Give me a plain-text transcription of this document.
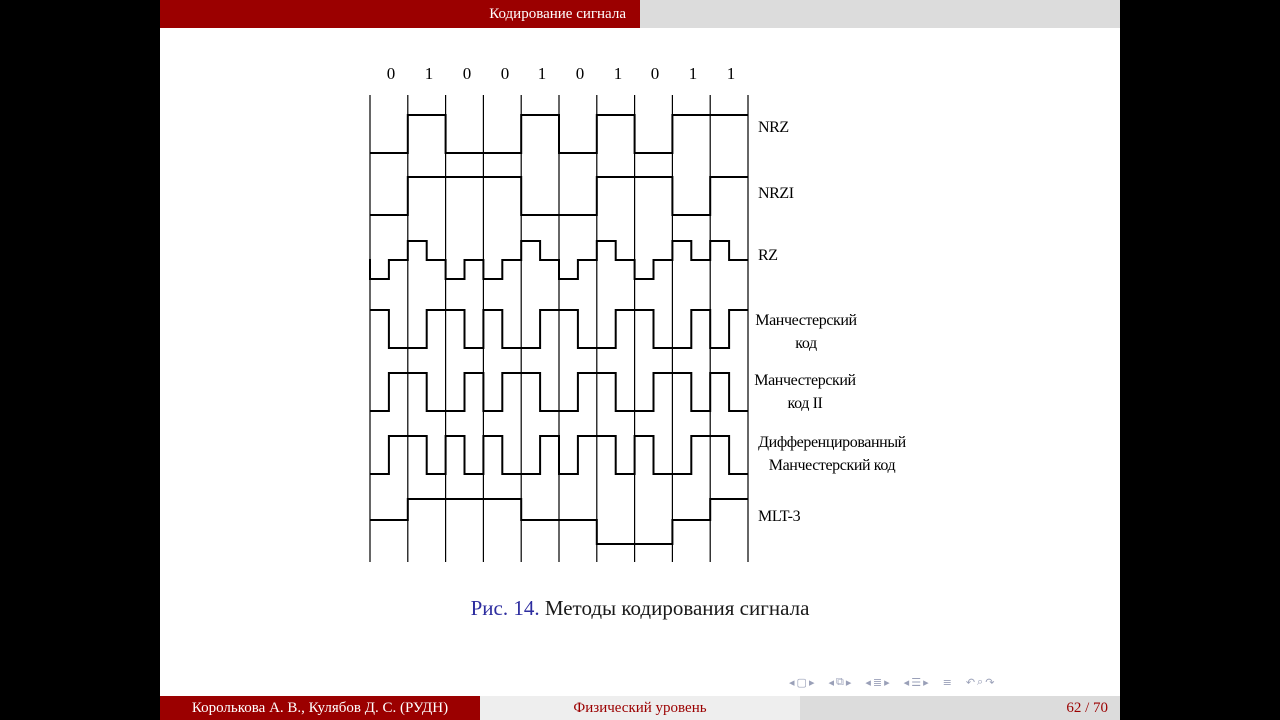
Кодирование сигнала
0	1	0	0	1	0	1	0	1	1
NRZ
NRZI
RZ
Манчестерский
код
Манчестерский
код II
Дифференцированный
Манчестерский код
MLT-3
Рис. 14. Методы кодирования сигнала
◂ ▢ ▸ ◂ ⧉ ▸ ◂ ≣ ▸ ◂ ☰ ▸ ≡ ↶ ⌕ ↷
Королькова А. В., Кулябов Д. С. (РУДН)	Физический уровень	62 / 70
